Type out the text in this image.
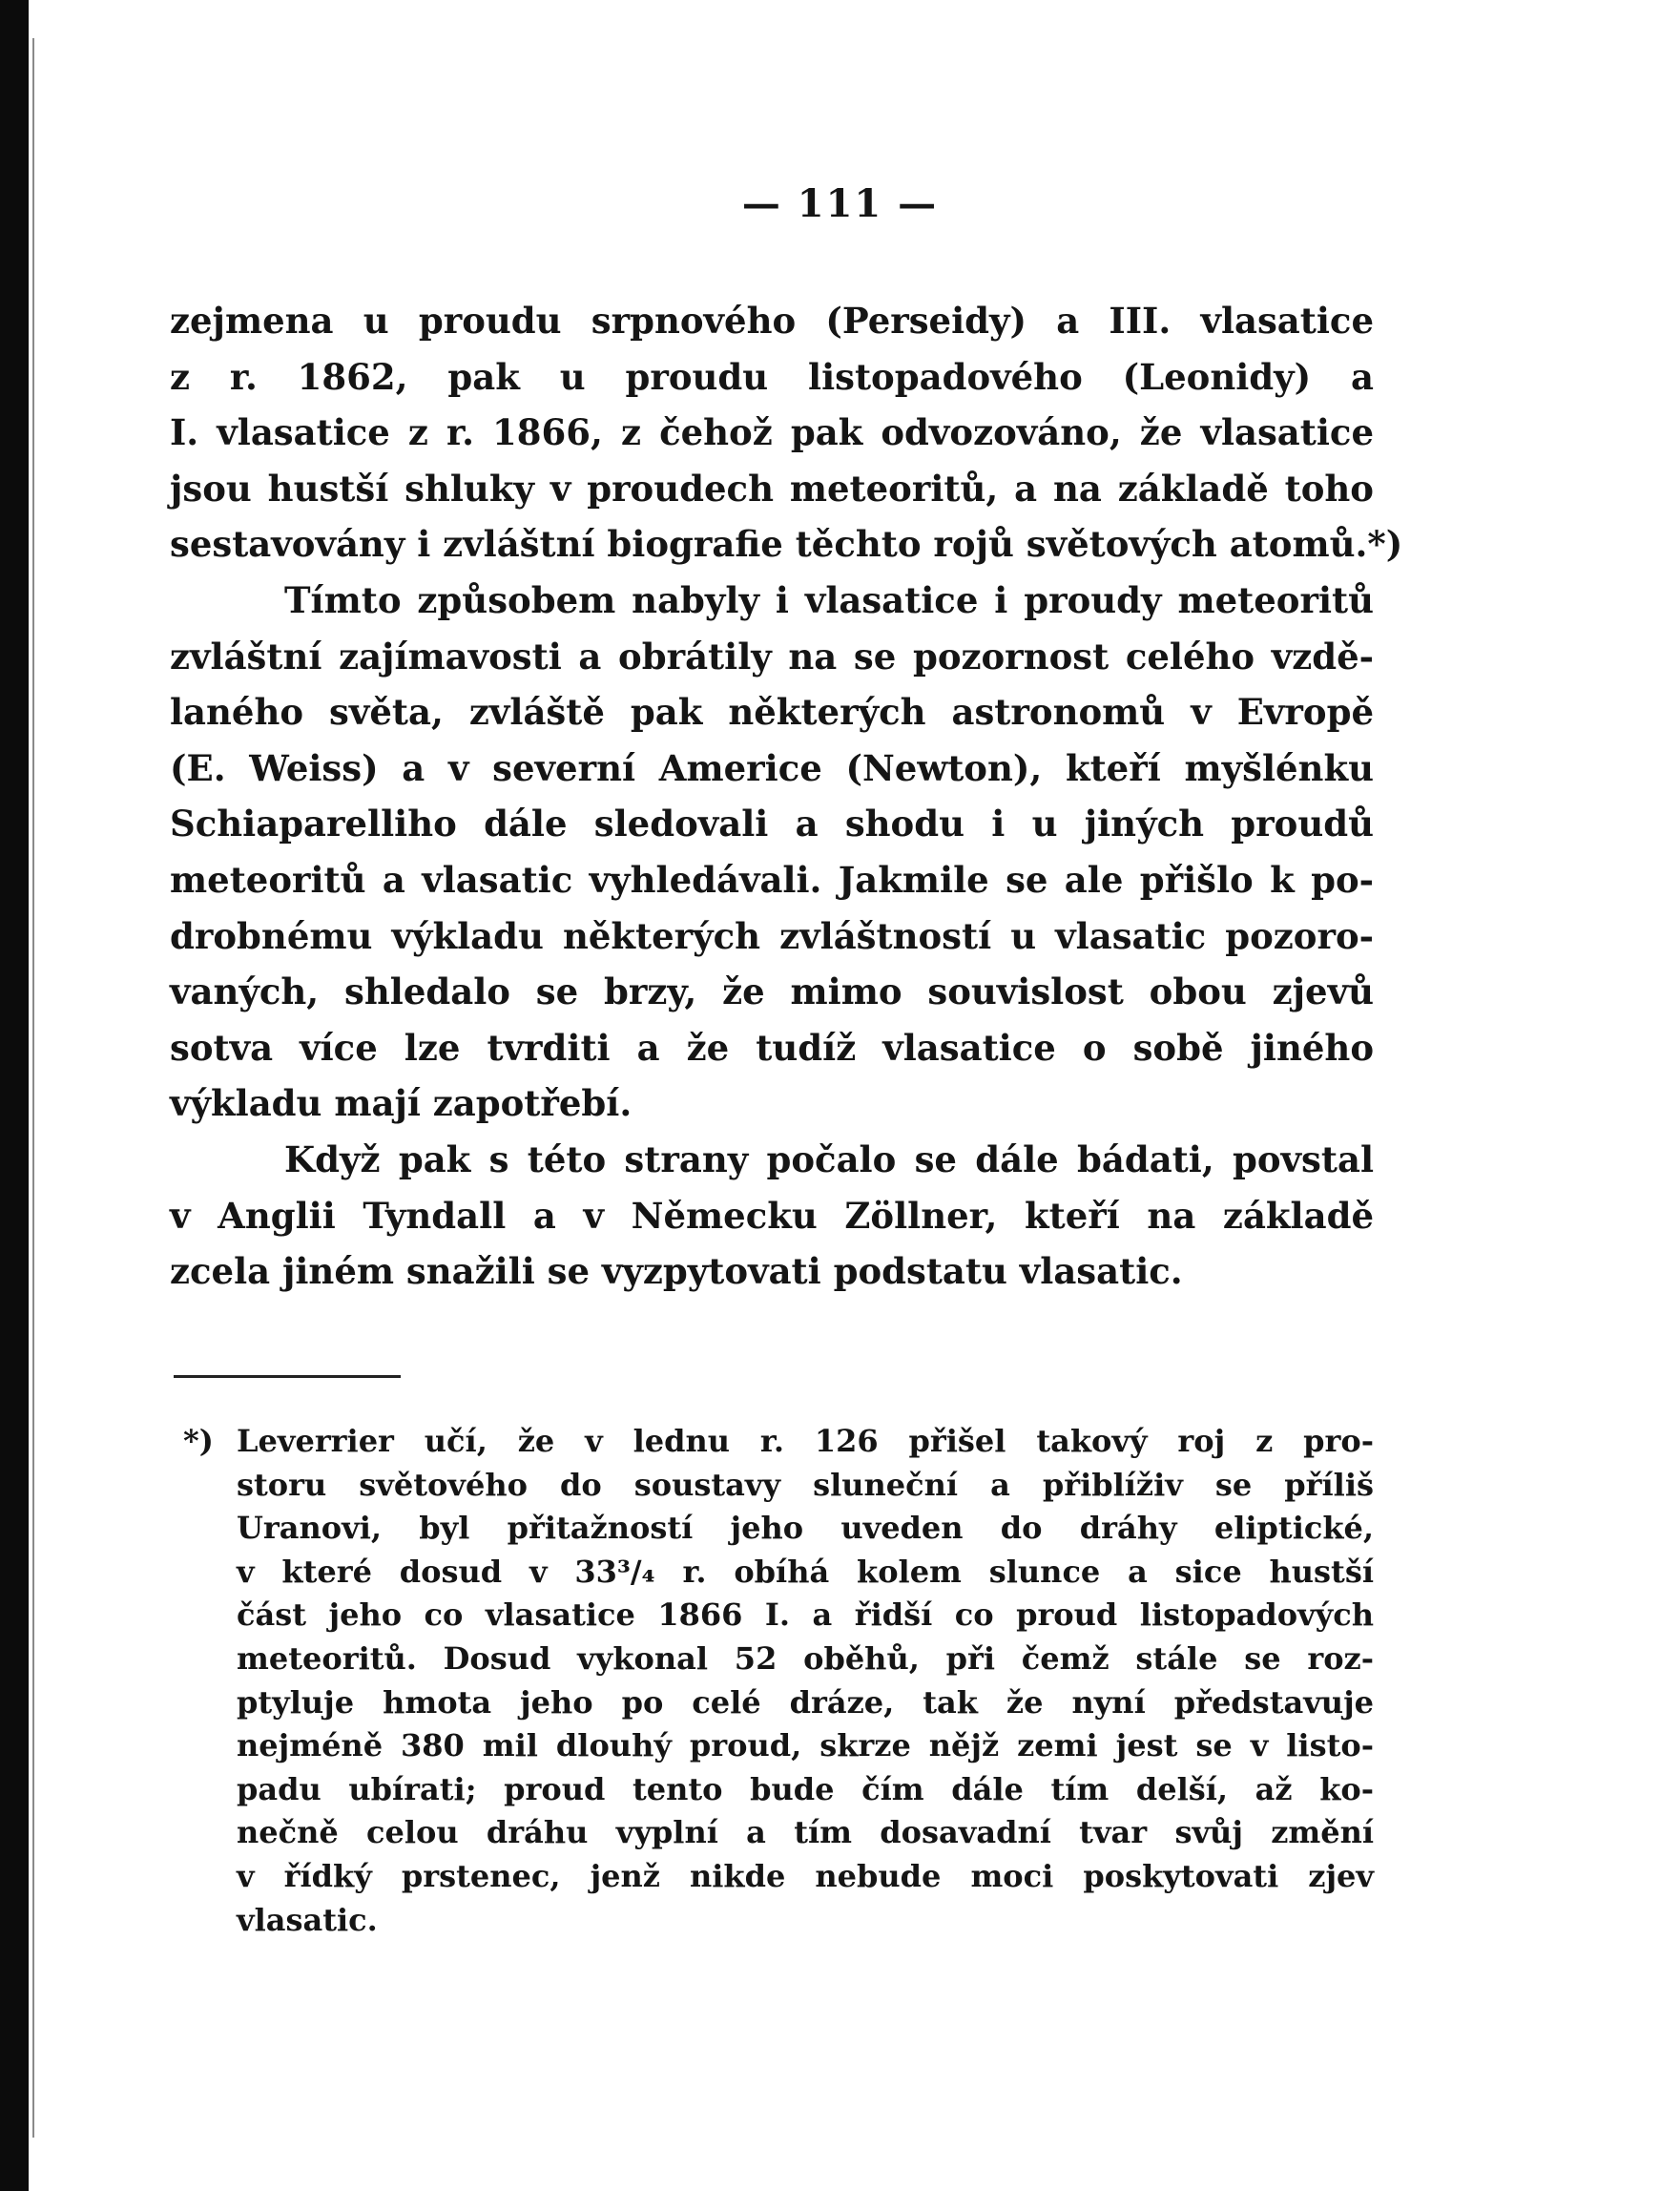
— 111 —
zejmena u proudu srpnového (Perseidy) a III. vlasatice
z r. 1862, pak u proudu listopadového (Leonidy) a
I. vlasatice z r. 1866, z čehož pak odvozováno, že vlasatice
jsou hustší shluky v proudech meteoritů, a na základě toho
sestavovány i zvláštní biografie těchto rojů světových atomů.*)
Tímto způsobem nabyly i vlasatice i proudy meteoritů
zvláštní zajímavosti a obrátily na se pozornost celého vzdě-
laného světa, zvláště pak některých astronomů v Evropě
(E. Weiss) a v severní Americe (Newton), kteří myšlénku
Schiaparelliho dále sledovali a shodu i u jiných proudů
meteoritů a vlasatic vyhledávali. Jakmile se ale přišlo k po-
drobnému výkladu některých zvláštností u vlasatic pozoro-
vaných, shledalo se brzy, že mimo souvislost obou zjevů
sotva více lze tvrditi a že tudíž vlasatice o sobě jiného
výkladu mají zapotřebí.
Když pak s této strany počalo se dále bádati, povstal
v Anglii Tyndall a v Německu Zöllner, kteří na základě
zcela jiném snažili se vyzpytovati podstatu vlasatic.
*) Leverrier učí, že v lednu r. 126 přišel takový roj z pro-
storu světového do soustavy sluneční a přiblíživ se příliš
Uranovi, byl přitažností jeho uveden do dráhy eliptické,
v které dosud v 33³/₄ r. obíhá kolem slunce a sice hustší
část jeho co vlasatice 1866 I. a řidší co proud listopadových
meteoritů. Dosud vykonal 52 oběhů, při čemž stále se roz-
ptyluje hmota jeho po celé dráze, tak že nyní představuje
nejméně 380 mil dlouhý proud, skrze nějž zemi jest se v listo-
padu ubírati; proud tento bude čím dále tím delší, až ko-
nečně celou dráhu vyplní a tím dosavadní tvar svůj změní
v řídký prstenec, jenž nikde nebude moci poskytovati zjev
vlasatic.
